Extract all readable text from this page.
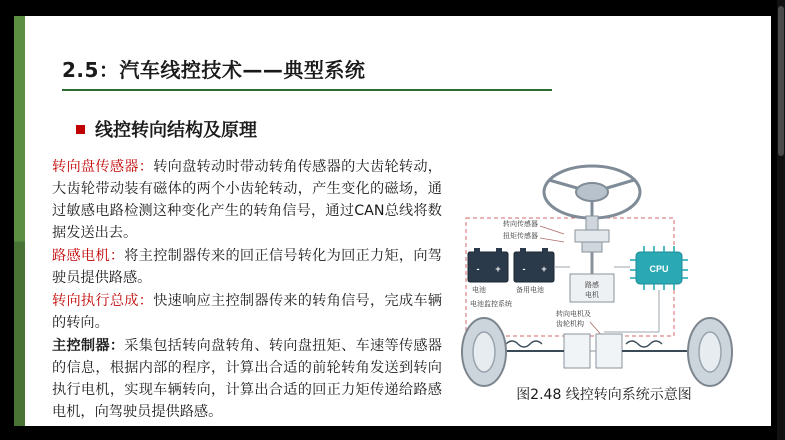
2.5：汽车线控技术——典型系统
线控转向结构及原理

转向盘传感器：转向盘转动时带动转角传感器的大齿轮转动，大齿轮带动装有磁体的两个小齿轮转动，产生变化的磁场，通过敏感电路检测这种变化产生的转角信号，通过CAN总线将数据发送出去。

路感电机：将主控制器传来的回正信号转化为回正力矩，向驾驶员提供路感。

转向执行总成：快速响应主控制器传来的转角信号，完成车辆的转向。

主控制器：采集包括转向盘转角、转向盘扭矩、车速等传感器的信息，根据内部的程序，计算出合适的前轮转角发送到转向执行电机，实现车辆转向，计算出合适的回正力矩传递给路感电机，向驾驶员提供路感。

路感
电机
转向传感器
扭矩传感器
CPU
- + - +
电池	备用电池
电池监控系统
转向电机及
齿轮机构
图2.48 线控转向系统示意图
